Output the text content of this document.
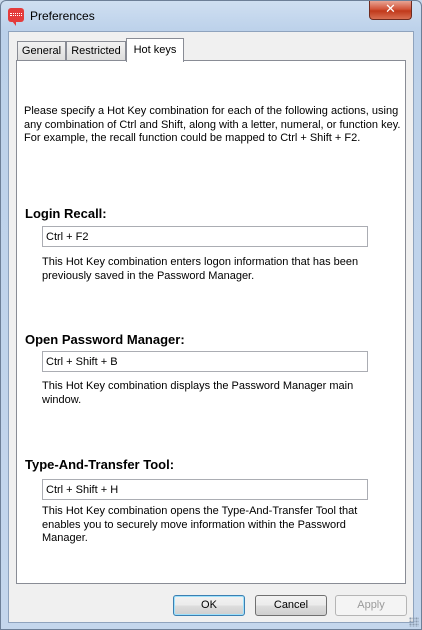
Preferences	✕
General Restricted	Hot keys

Please specify a Hot Key combination for each of the following actions, using any combination of Ctrl and Shift, along with a letter, numeral, or function key. For example, the recall function could be mapped to Ctrl + Shift + F2.

Login Recall:
Ctrl + F2

This Hot Key combination enters logon information that has been previously saved in the Password Manager.

Open Password Manager:
Ctrl + Shift + B

This Hot Key combination displays the Password Manager main window.

Type-And-Transfer Tool:
Ctrl + Shift + H

This Hot Key combination opens the Type-And-Transfer Tool that enables you to securely move information within the Password Manager.

OK	Cancel	Apply
